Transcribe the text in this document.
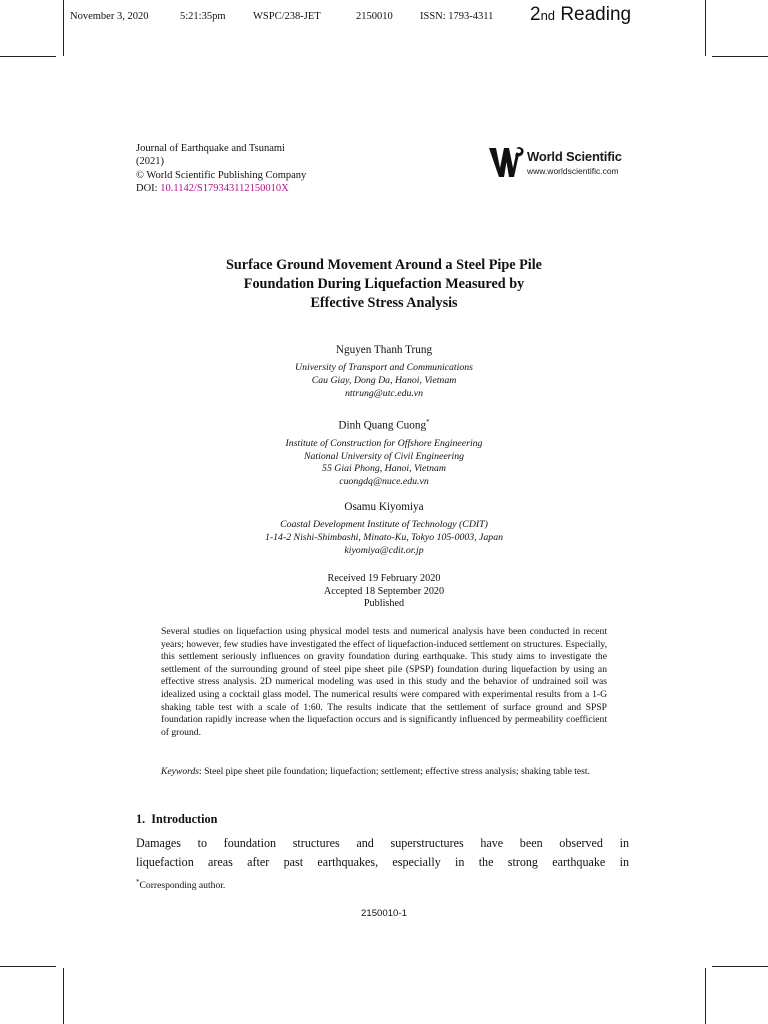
November 3, 2020	5:21:35pm	WSPC/238-JET	2150010	ISSN: 1793-4311 2nd Reading
Journal of Earthquake and Tsunami
(2021)
© World Scientific Publishing Company
DOI: 10.1142/S179343112150010X
World Scientific
www.worldscientific.com
Surface Ground Movement Around a Steel Pipe Pile
Foundation During Liquefaction Measured by
Effective Stress Analysis
Nguyen Thanh Trung
University of Transport and Communications
Cau Giay, Dong Da, Hanoi, Vietnam
nttrung@utc.edu.vn
Dinh Quang Cuong*
Institute of Construction for Offshore Engineering
National University of Civil Engineering
55 Giai Phong, Hanoi, Vietnam
cuongdq@nuce.edu.vn
Osamu Kiyomiya
Coastal Development Institute of Technology (CDIT)
1-14-2 Nishi-Shimbashi, Minato-Ku, Tokyo 105-0003, Japan
kiyomiya@cdit.or.jp
Received 19 February 2020
Accepted 18 September 2020
Published
Several studies on liquefaction using physical model tests and numerical analysis have been conducted in recent years; however, few studies have investigated the effect of liquefaction-induced settlement on structures. Especially, this settlement seriously influences on gravity foundation during earthquake. This study aims to investigate the settlement of the surrounding ground of steel pipe sheet pile (SPSP) foundation during liquefaction by using an effective stress analysis. 2D numerical modeling was used in this study and the behavior of undrained soil was idealized using a cocktail glass model. The numerical results were compared with experimental results from a 1-G shaking table test with a scale of 1:60. The results indicate that the settlement of surface ground and SPSP foundation rapidly increase when the liquefaction occurs and is significantly influenced by permeability coefficient of ground.
Keywords: Steel pipe sheet pile foundation; liquefaction; settlement; effective stress analysis; shaking table test.
1. Introduction
Damages to foundation structures and superstructures have been observed in
liquefaction areas after past earthquakes, especially in the strong earthquake in
*Corresponding author.
2150010-1
